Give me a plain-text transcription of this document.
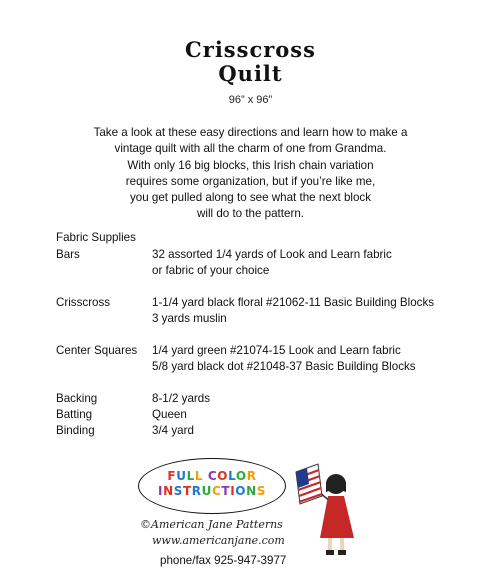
Crisscross
Quilt
96” x 96”
Take a look at these easy directions and learn how to make a
vintage quilt with all the charm of one from Grandma.
With only 16 big blocks, this Irish chain variation
requires some organization, but if you’re like me,
you get pulled along to see what the next block
will do to the pattern.
Fabric Supplies
Bars	32 assorted 1/4 yards of Look and Learn fabric
or fabric of your choice
Crisscross	1-1/4 yard black floral #21062-11 Basic Building Blocks
3 yards muslin
Center Squares 1/4 yard green #21074-15 Look and Learn fabric
5/8 yard black dot #21048-37 Basic Building Blocks
Backing	8-1/2 yards
Batting	Queen
Binding	3/4 yard
FULL COLOR
INSTRUCTIONS
©American Jane Patterns
www.americanjane.com
phone/fax 925-947-3977
